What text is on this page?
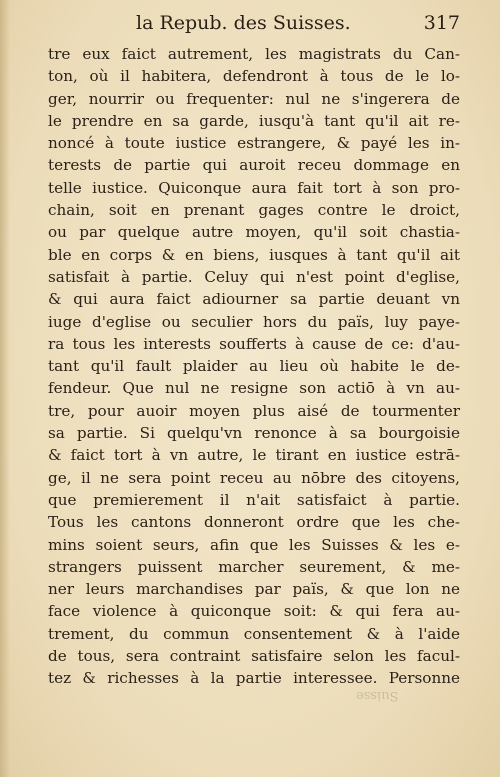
la Repub. des Suisses.	317
tre eux faict autrement, les magistrats du Can-
ton, où il habitera, defendront à tous de le lo-
ger, nourrir ou frequenter: nul ne s'ingerera de
le prendre en sa garde, iusqu'à tant qu'il ait re-
noncé à toute iustice estrangere, & payé les in-
terests de partie qui auroit receu dommage en
telle iustice. Quiconque aura fait tort à son pro-
chain, soit en prenant gages contre le droict,
ou par quelque autre moyen, qu'il soit chastia-
ble en corps & en biens, iusques à tant qu'il ait
satisfait à partie. Celuy qui n'est point d'eglise,
& qui aura faict adiourner sa partie deuant vn
iuge d'eglise ou seculier hors du païs, luy paye-
ra tous les interests soufferts à cause de ce: d'au-
tant qu'il fault plaider au lieu où habite le de-
fendeur. Que nul ne resigne son actiō à vn au-
tre, pour auoir moyen plus aisé de tourmenter
sa partie. Si quelqu'vn renonce à sa bourgoisie
& faict tort à vn autre, le tirant en iustice estrā-
ge, il ne sera point receu au nōbre des citoyens,
que premierement il n'ait satisfaict à partie.
Tous les cantons donneront ordre que les che-
mins soient seurs, afin que les Suisses & les e-
strangers puissent marcher seurement, & me-
ner leurs marchandises par païs, & que lon ne
face violence à quiconque soit: & qui fera au-
trement, du commun consentement & à l'aide
de tous, sera contraint satisfaire selon les facul-
tez & richesses à la partie interessee. Personne
Suisse
